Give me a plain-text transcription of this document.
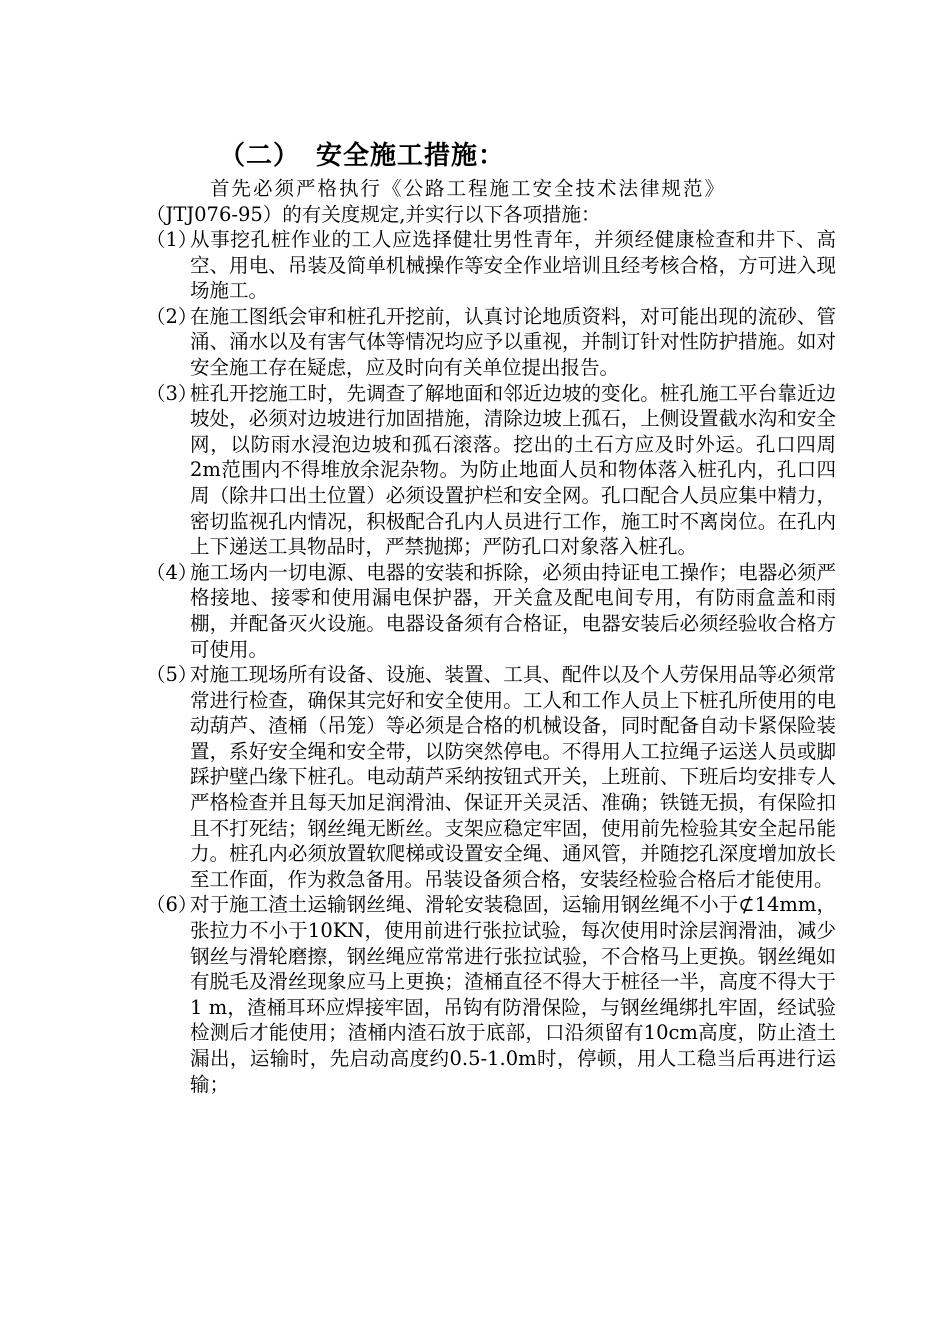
（二） 安全施工措施：
首先必须严格执行《公路工程施工安全技术法律规范》
（JTJ076-95）的有关度规定,并实行以下各项措施：
（1）
从事挖孔桩作业的工人应选择健壮男性青年，并须经健康检查和井下、高空、用电、吊装及简单机械操作等安全作业培训且经考核合格，方可进入现场施工。
（2）
在施工图纸会审和桩孔开挖前，认真讨论地质资料，对可能出现的流砂、管涌、涌水以及有害气体等情况均应予以重视，并制订针对性防护措施。如对安全施工存在疑虑，应及时向有关单位提出报告。
（3）
桩孔开挖施工时，先调查了解地面和邻近边坡的变化。桩孔施工平台靠近边坡处，必须对边坡进行加固措施，清除边坡上孤石，上侧设置截水沟和安全网，以防雨水浸泡边坡和孤石滚落。挖出的土石方应及时外运。孔口四周2m范围内不得堆放余泥杂物。为防止地面人员和物体落入桩孔内，孔口四周（除井口出土位置）必须设置护栏和安全网。孔口配合人员应集中精力，密切监视孔内情况，积极配合孔内人员进行工作，施工时不离岗位。在孔内上下递送工具物品时，严禁抛掷；严防孔口对象落入桩孔。
（4）
施工场内一切电源、电器的安装和拆除，必须由持证电工操作；电器必须严格接地、接零和使用漏电保护器，开关盒及配电间专用，有防雨盒盖和雨棚，并配备灭火设施。电器设备须有合格证，电器安装后必须经验收合格方可使用。
（5）
对施工现场所有设备、设施、装置、工具、配件以及个人劳保用品等必须常常进行检查，确保其完好和安全使用。工人和工作人员上下桩孔所使用的电动葫芦、渣桶（吊笼）等必须是合格的机械设备，同时配备自动卡紧保险装置，系好安全绳和安全带，以防突然停电。不得用人工拉绳子运送人员或脚踩护壁凸缘下桩孔。电动葫芦采纳按钮式开关，上班前、下班后均安排专人严格检查并且每天加足润滑油、保证开关灵活、准确；铁链无损，有保险扣且不打死结；钢丝绳无断丝。支架应稳定牢固，使用前先检验其安全起吊能力。桩孔内必须放置软爬梯或设置安全绳、通风管，并随挖孔深度增加放长至工作面，作为救急备用。吊装设备须合格，安装经检验合格后才能使用。
（6）
对于施工渣土运输钢丝绳、滑轮安装稳固，运输用钢丝绳不小于⊄14mm，张拉力不小于10KN，使用前进行张拉试验，每次使用时涂层润滑油，减少钢丝与滑轮磨擦，钢丝绳应常常进行张拉试验，不合格马上更换。钢丝绳如有脱毛及滑丝现象应马上更换；渣桶直径不得大于桩径一半，高度不得大于1 m，渣桶耳环应焊接牢固，吊钩有防滑保险，与钢丝绳绑扎牢固，经试验检测后才能使用；渣桶内渣石放于底部，口沿须留有10cm高度，防止渣土漏出，运输时，先启动高度约0.5-1.0m时，停顿，用人工稳当后再进行运输；
